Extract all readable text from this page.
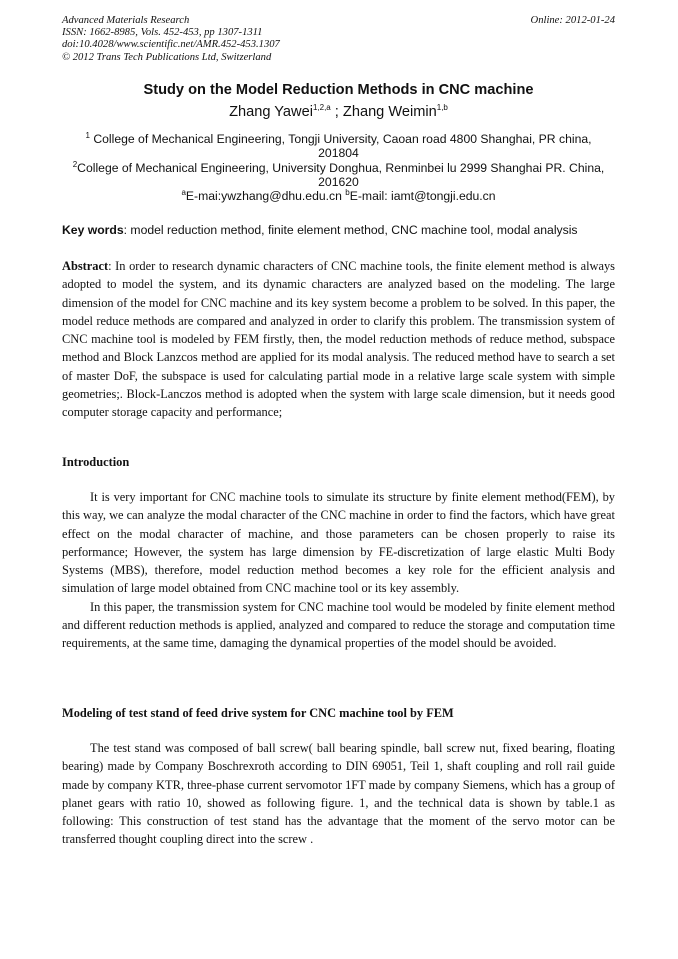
Advanced Materials Research
ISSN: 1662-8985, Vols. 452-453, pp 1307-1311
doi:10.4028/www.scientific.net/AMR.452-453.1307
© 2012 Trans Tech Publications Ltd, Switzerland
Online: 2012-01-24
Study on the Model Reduction Methods in CNC machine
Zhang Yawei$^{1,2,a}$ ; Zhang Weimin$^{1,b}$
$^1$ College of Mechanical Engineering, Tongji University, Caoan road 4800 Shanghai, PR china,
201804
$^2$College of Mechanical Engineering, University Donghua, Renminbei lu 2999 Shanghai PR. China,
201620
$^a$E-mai:ywzhang@dhu.edu.cn $^b$E-mail: iamt@tongji.edu.cn
Key words: model reduction method, finite element method, CNC machine tool, modal analysis
Abstract: In order to research dynamic characters of CNC machine tools, the finite element method is always adopted to model the system, and its dynamic characters are analyzed based on the modeling. The large dimension of the model for CNC machine and its key system become a problem to be solved. In this paper, the model reduce methods are compared and analyzed in order to clarify this problem. The transmission system of CNC machine tool is modeled by FEM firstly, then, the model reduction methods of reduce method, subspace method and Block Lanzcos method are applied for its modal analysis. The reduced method have to search a set of master DoF, the subspace is used for calculating partial mode in a relative large scale system with simple geometries;. Block-Lanczos method is adopted when the system with large scale dimension, but it needs good computer storage capacity and performance;
Introduction

It is very important for CNC machine tools to simulate its structure by finite element method(FEM), by this way, we can analyze the modal character of the CNC machine in order to find the factors, which have great effect on the modal character of machine, and those parameters can be chosen properly to raise its performance; However, the system has large dimension by FE-discretization of large elastic Multi Body Systems (MBS), therefore, model reduction method becomes a key role for the efficient analysis and simulation of large model obtained from CNC machine tool or its key assembly.

In this paper, the transmission system for CNC machine tool would be modeled by finite element method and different reduction methods is applied, analyzed and compared to reduce the storage and computation time requirements, at the same time, damaging the dynamical properties of the model should be avoided.

Modeling of test stand of feed drive system for CNC machine tool by FEM

The test stand was composed of ball screw( ball bearing spindle, ball screw nut, fixed bearing, floating bearing) made by Company Boschrexroth according to DIN 69051, Teil 1, shaft coupling and roll rail guide made by company KTR, three-phase current servomotor 1FT made by company Siemens, which has a group of planet gears with ratio 10, showed as following figure. 1, and the technical data is shown by table.1 as following: This construction of test stand has the advantage that the moment of the servo motor can be transferred thought coupling direct into the screw .
